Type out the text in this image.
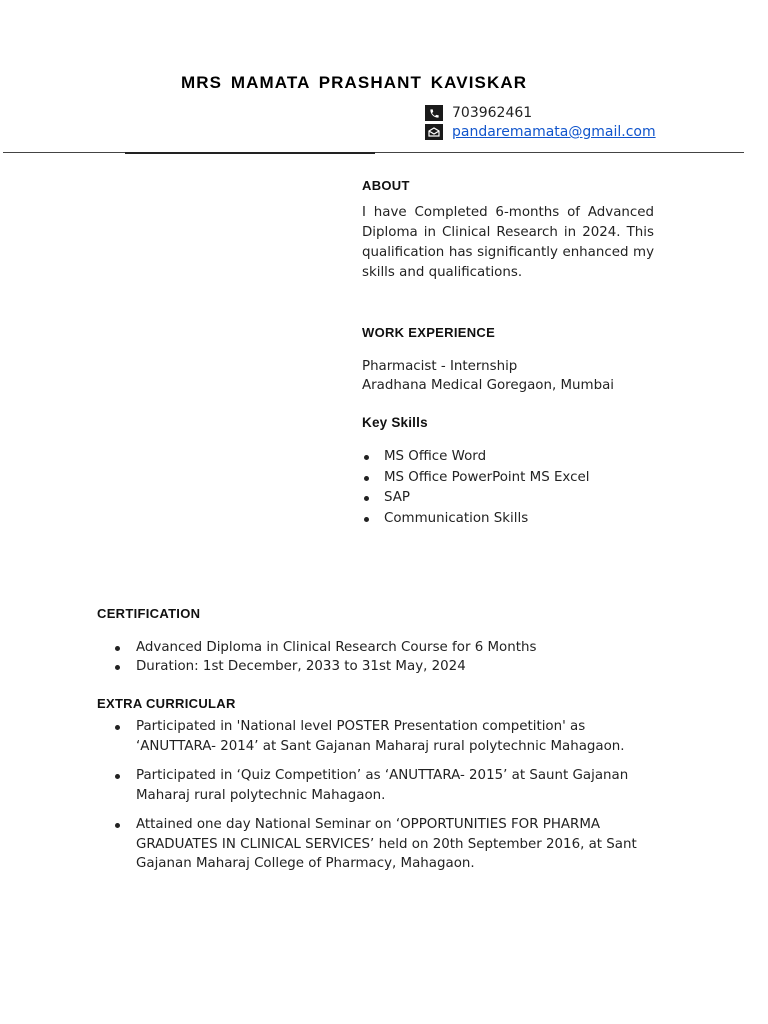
MRS MAMATA PRASHANT KAVISKAR
703962461
pandaremamata@gmail.com
ABOUT
I have Completed 6-months of Advanced Diploma in Clinical Research in 2024. This qualification has significantly enhanced my skills and qualifications.
WORK EXPERIENCE
Pharmacist - Internship
Aradhana Medical Goregaon, Mumbai
Key Skills
MS Office Word
MS Office PowerPoint MS Excel
SAP
Communication Skills
CERTIFICATION
Advanced Diploma in Clinical Research Course for 6 Months
Duration: 1st December, 2033 to 31st May, 2024
EXTRA CURRICULAR
Participated in 'National level POSTER Presentation competition' as ‘ANUTTARA- 2014’ at Sant Gajanan Maharaj rural polytechnic Mahagaon.
Participated in ‘Quiz Competition’ as ‘ANUTTARA- 2015’ at Saunt Gajanan Maharaj rural polytechnic Mahagaon.
Attained one day National Seminar on ‘OPPORTUNITIES FOR PHARMA GRADUATES IN CLINICAL SERVICES’ held on 20th September 2016, at Sant Gajanan Maharaj College of Pharmacy, Mahagaon.
